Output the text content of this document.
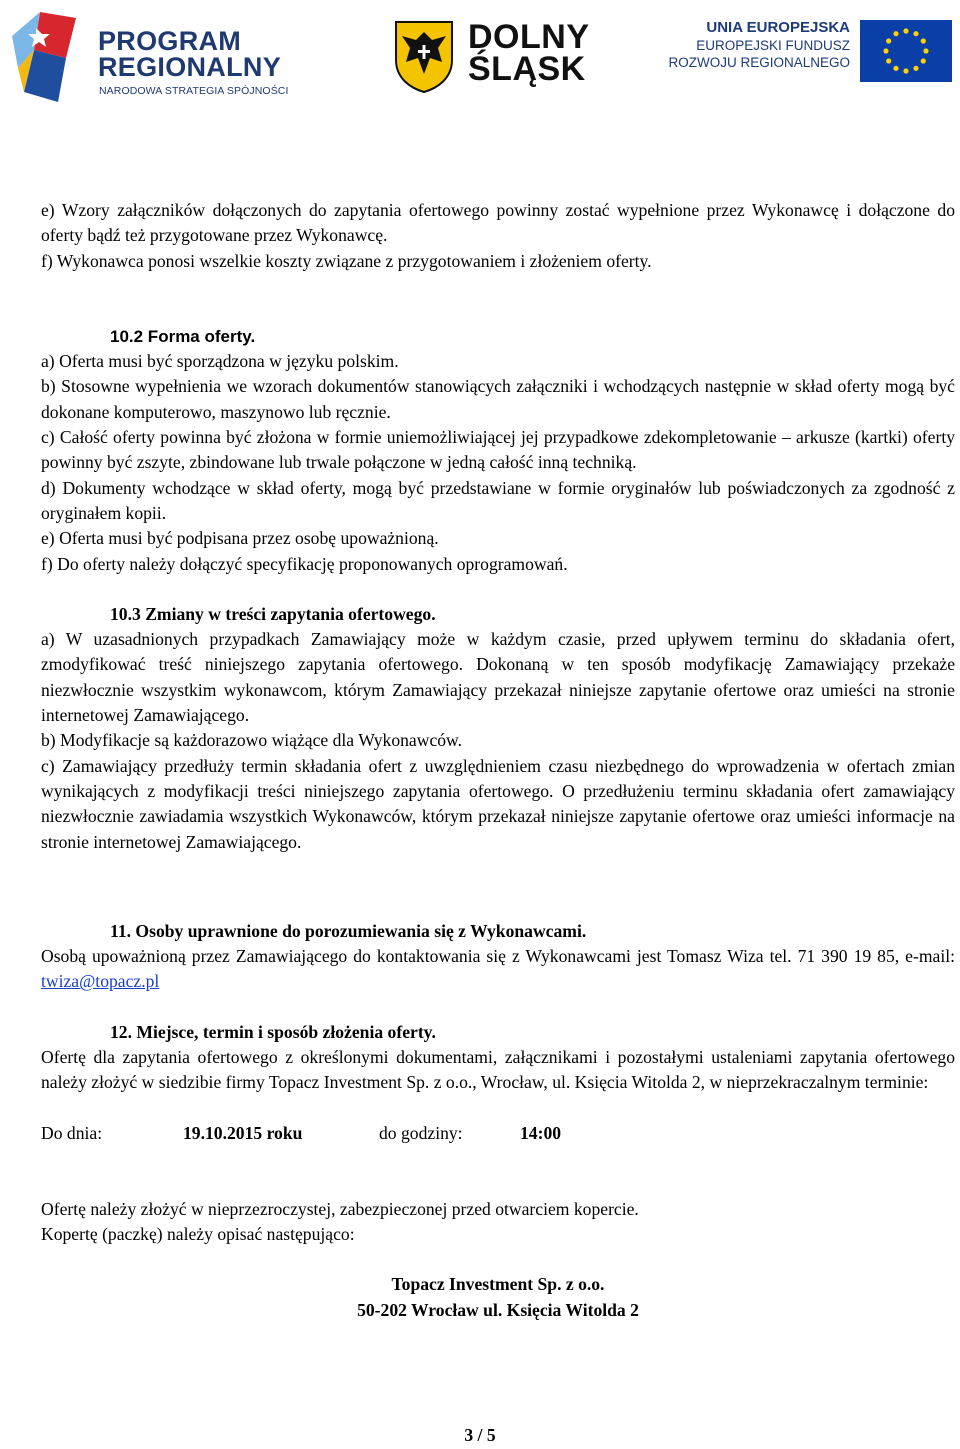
PROGRAM
REGIONALNY
NARODOWA STRATEGIA SPÓJNOŚCI
DOLNY
ŚLĄSK
UNIA EUROPEJSKA
EUROPEJSKI FUNDUSZ
ROZWOJU REGIONALNEGO

e) Wzory załączników dołączonych do zapytania ofertowego powinny zostać wypełnione przez Wykonawcę i dołączone do oferty bądź też przygotowane przez Wykonawcę.

f) Wykonawca ponosi wszelkie koszty związane z przygotowaniem i złożeniem oferty.

10.2 Forma oferty.

a) Oferta musi być sporządzona w języku polskim.

b) Stosowne wypełnienia we wzorach dokumentów stanowiących załączniki i wchodzących następnie w skład oferty mogą być dokonane komputerowo, maszynowo lub ręcznie.

c) Całość oferty powinna być złożona w formie uniemożliwiającej jej przypadkowe zdekompletowanie – arkusze (kartki) oferty powinny być zszyte, zbindowane lub trwale połączone w jedną całość inną techniką.

d) Dokumenty wchodzące w skład oferty, mogą być przedstawiane w formie oryginałów lub poświadczonych za zgodność z oryginałem kopii.

e) Oferta musi być podpisana przez osobę upoważnioną.

f) Do oferty należy dołączyć specyfikację proponowanych oprogramowań.

10.3 Zmiany w treści zapytania ofertowego.

a) W uzasadnionych przypadkach Zamawiający może w każdym czasie, przed upływem terminu do składania ofert, zmodyfikować treść niniejszego zapytania ofertowego. Dokonaną w ten sposób modyfikację Zamawiający przekaże niezwłocznie wszystkim wykonawcom, którym Zamawiający przekazał niniejsze zapytanie ofertowe oraz umieści na stronie internetowej Zamawiającego.

b) Modyfikacje są każdorazowo wiążące dla Wykonawców.

c) Zamawiający przedłuży termin składania ofert z uwzględnieniem czasu niezbędnego do wprowadzenia w ofertach zmian wynikających z modyfikacji treści niniejszego zapytania ofertowego. O przedłużeniu terminu składania ofert zamawiający niezwłocznie zawiadamia wszystkich Wykonawców, którym przekazał niniejsze zapytanie ofertowe oraz umieści informacje na stronie internetowej Zamawiającego.

11. Osoby uprawnione do porozumiewania się z Wykonawcami.

Osobą upoważnioną przez Zamawiającego do kontaktowania się z Wykonawcami jest Tomasz Wiza tel. 71 390 19 85, e-mail: twiza@topacz.pl

12. Miejsce, termin i sposób złożenia oferty.

Ofertę dla zapytania ofertowego z określonymi dokumentami, załącznikami i pozostałymi ustaleniami zapytania ofertowego należy złożyć w siedzibie firmy Topacz Investment Sp. z o.o., Wrocław, ul. Księcia Witolda 2, w nieprzekraczalnym terminie:

Do dnia:	19.10.2015 roku	do godziny:	14:00

Ofertę należy złożyć w nieprzezroczystej, zabezpieczonej przed otwarciem kopercie.

Kopertę (paczkę) należy opisać następująco:

Topacz Investment Sp. z o.o.

50-202 Wrocław ul. Księcia Witolda 2

3 / 5
